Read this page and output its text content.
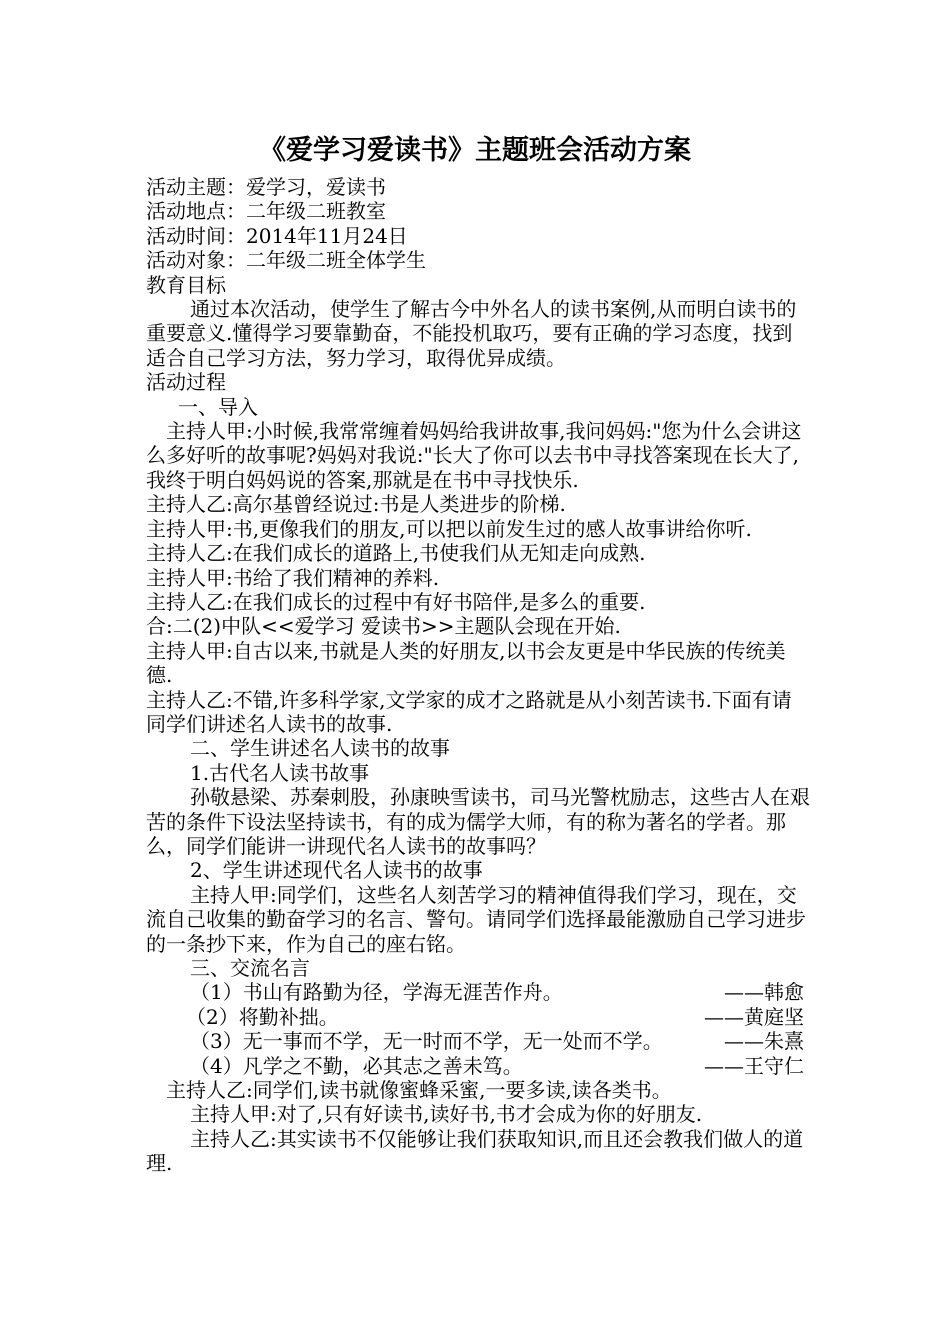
《爱学习爱读书》主题班会活动方案

活动主题：爱学习，爱读书

活动地点：二年级二班教室

活动时间：2014年11月24日

活动对象：二年级二班全体学生

教育目标

通过本次活动，使学生了解古今中外名人的读书案例,从而明白读书的重要意义.懂得学习要靠勤奋，不能投机取巧，要有正确的学习态度，找到适合自己学习方法，努力学习，取得优异成绩。

活动过程

一、导入

主持人甲:小时候,我常常缠着妈妈给我讲故事,我问妈妈:"您为什么会讲这么多好听的故事呢?妈妈对我说:"长大了你可以去书中寻找答案现在长大了,我终于明白妈妈说的答案,那就是在书中寻找快乐.

主持人乙:高尔基曾经说过:书是人类进步的阶梯.

主持人甲:书,更像我们的朋友,可以把以前发生过的感人故事讲给你听.

主持人乙:在我们成长的道路上,书使我们从无知走向成熟.

主持人甲:书给了我们精神的养料.

主持人乙:在我们成长的过程中有好书陪伴,是多么的重要.

合:二(2)中队<<爱学习 爱读书>>主题队会现在开始.

主持人甲:自古以来,书就是人类的好朋友,以书会友更是中华民族的传统美德.

主持人乙:不错,许多科学家,文学家的成才之路就是从小刻苦读书.下面有请同学们讲述名人读书的故事.

二、学生讲述名人读书的故事

1.古代名人读书故事

孙敬悬梁、苏秦刺股，孙康映雪读书，司马光警枕励志，这些古人在艰苦的条件下设法坚持读书，有的成为儒学大师，有的称为著名的学者。那么，同学们能讲一讲现代名人读书的故事吗？

2、学生讲述现代名人读书的故事

主持人甲:同学们，这些名人刻苦学习的精神值得我们学习，现在，交流自己收集的勤奋学习的名言、警句。请同学们选择最能激励自己学习进步的一条抄下来，作为自己的座右铭。

三、交流名言

（1）书山有路勤为径，学海无涯苦作舟。	——韩愈
（2）将勤补拙。	——黄庭坚
（3）无一事而不学，无一时而不学，无一处而不学。	——朱熹
（4）凡学之不勤，必其志之善未笃。	——王守仁

主持人乙:同学们,读书就像蜜蜂采蜜,一要多读,读各类书。

主持人甲:对了,只有好读书,读好书,书才会成为你的好朋友.

主持人乙:其实读书不仅能够让我们获取知识,而且还会教我们做人的道理.
